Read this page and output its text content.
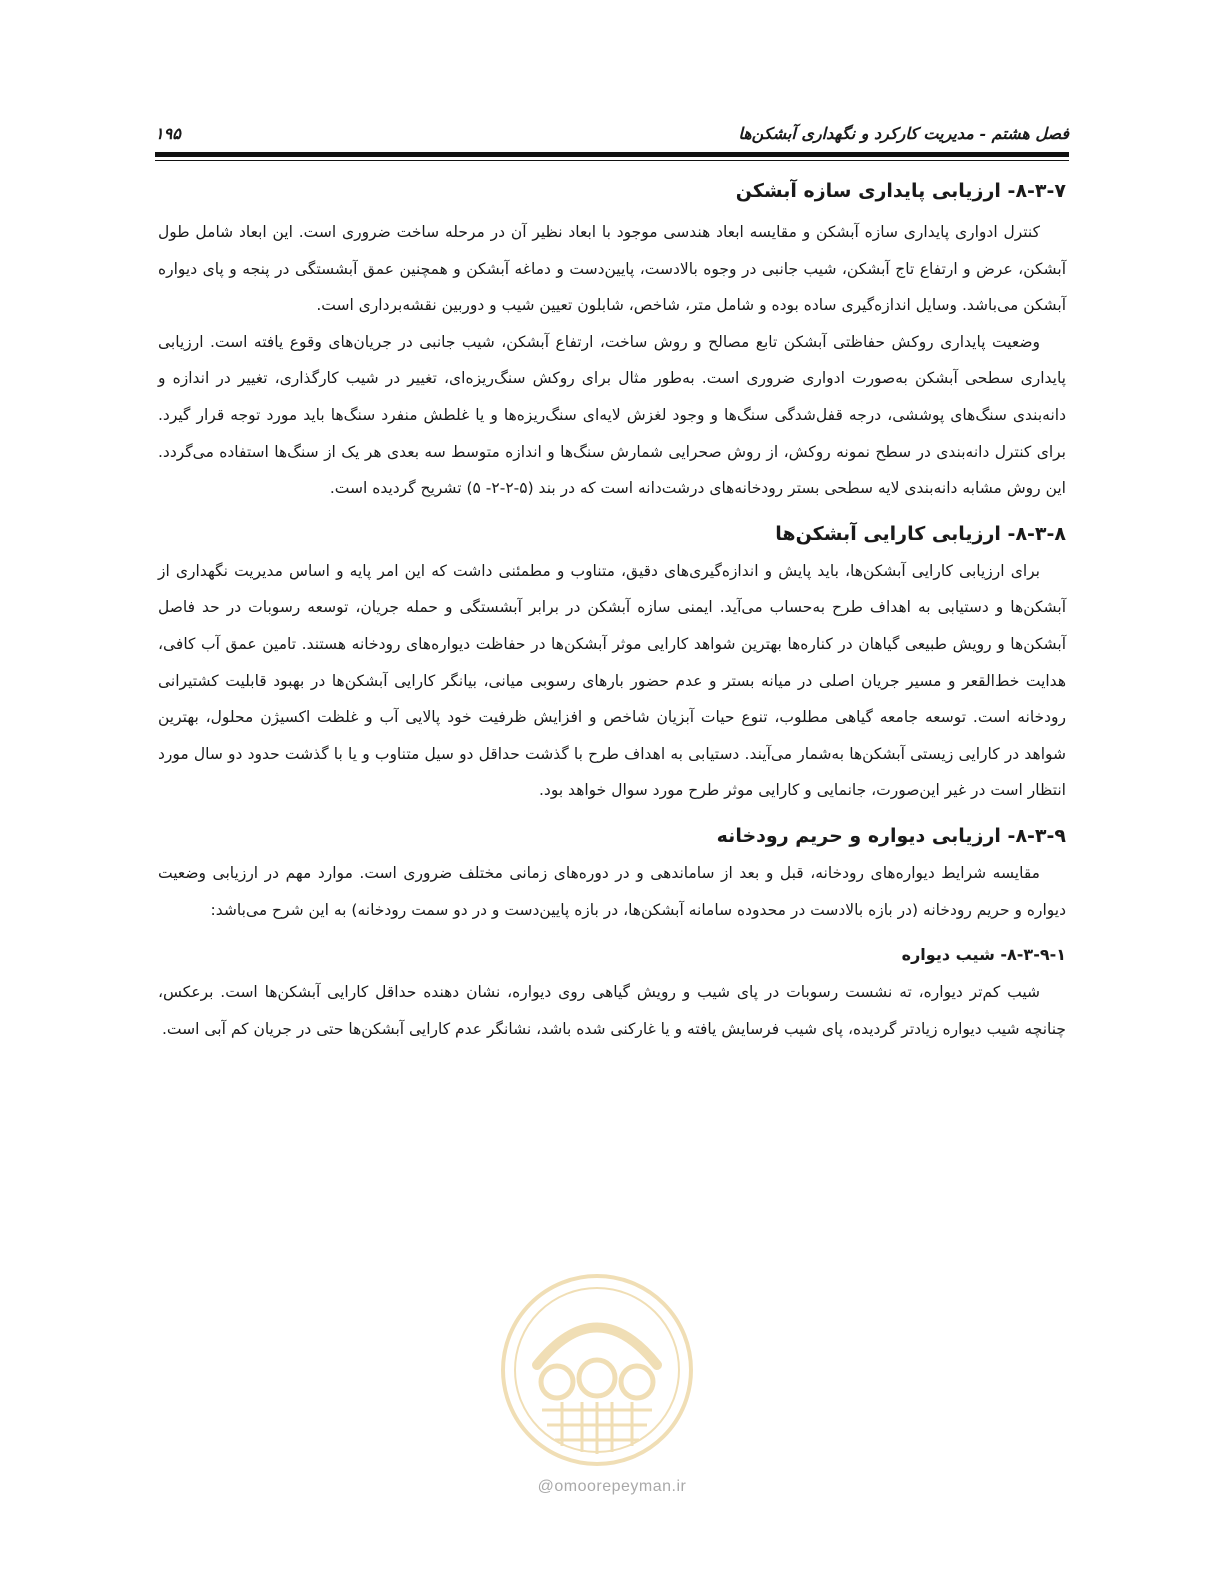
فصل هشتم - مدیریت کارکرد و نگهداری آبشکن‌ها
۱۹۵
۸-۳-۷- ارزیابی پایداری سازه آبشکن

کنترل ادواری پایداری سازه آبشکن و مقایسه ابعاد هندسی موجود با ابعاد نظیر آن در مرحله ساخت ضروری است. این ابعاد شامل طول آبشکن، عرض و ارتفاع تاج آبشکن، شیب جانبی در وجوه بالادست، پایین‌دست و دماغه آبشکن و همچنین عمق آبشستگی در پنجه و پای دیواره آبشکن می‌باشد. وسایل اندازه‌گیری ساده بوده و شامل متر، شاخص، شابلون تعیین شیب و دوربین نقشه‌برداری است.

وضعیت پایداری روکش حفاظتی آبشکن تابع مصالح و روش ساخت، ارتفاع آبشکن، شیب جانبی در جریان‌های وقوع یافته است. ارزیابی پایداری سطحی آبشکن به‌صورت ادواری ضروری است. به‌طور مثال برای روکش سنگ‌ریزه‌ای، تغییر در شیب کارگذاری، تغییر در اندازه و دانه‌بندی سنگ‌های پوششی، درجه قفل‌شدگی سنگ‌ها و وجود لغزش لایه‌ای سنگ‌ریزه‌ها و یا غلطش منفرد سنگ‌ها باید مورد توجه قرار گیرد. برای کنترل دانه‌بندی در سطح نمونه روکش، از روش صحرایی شمارش سنگ‌ها و اندازه متوسط سه بعدی هر یک از سنگ‌ها استفاده می‌گردد. این روش مشابه دانه‌بندی لایه سطحی بستر رودخانه‌های درشت‌دانه است که در بند (۵-۲-۲- ۵) تشریح گردیده است.

۸-۳-۸- ارزیابی کارایی آبشکن‌ها

برای ارزیابی کارایی آبشکن‌ها، باید پایش و اندازه‌گیری‌های دقیق، متناوب و مطمئنی داشت که این امر پایه و اساس مدیریت نگهداری از آبشکن‌ها و دستیابی به اهداف طرح به‌حساب می‌آید. ایمنی سازه آبشکن در برابر آبشستگی و حمله جریان، توسعه رسوبات در حد فاصل آبشکن‌ها و رویش طبیعی گیاهان در کناره‌ها بهترین شواهد کارایی موثر آبشکن‌ها در حفاظت دیواره‌های رودخانه هستند. تامین عمق آب کافی، هدایت خط‌القعر و مسیر جریان اصلی در میانه بستر و عدم حضور بارهای رسوبی میانی، بیانگر کارایی آبشکن‌ها در بهبود قابلیت کشتیرانی رودخانه است. توسعه جامعه گیاهی مطلوب، تنوع حیات آبزیان شاخص و افزایش ظرفیت خود پالایی آب و غلظت اکسیژن محلول، بهترین شواهد در کارایی زیستی آبشکن‌ها به‌شمار می‌آیند. دستیابی به اهداف طرح با گذشت حداقل دو سیل متناوب و یا با گذشت حدود دو سال مورد انتظار است در غیر این‌صورت، جانمایی و کارایی موثر طرح مورد سوال خواهد بود.

۸-۳-۹- ارزیابی دیواره و حریم رودخانه

مقایسه شرایط دیواره‌های رودخانه، قبل و بعد از ساماندهی و در دوره‌های زمانی مختلف ضروری است. موارد مهم در ارزیابی وضعیت دیواره و حریم رودخانه (در بازه بالادست در محدوده سامانه آبشکن‌ها، در بازه پایین‌دست و در دو سمت رودخانه) به این شرح می‌باشد:

۸-۳-۹-۱- شیب دیواره

شیب کم‌تر دیواره، ته نشست رسوبات در پای شیب و رویش گیاهی روی دیواره، نشان دهنده حداقل کارایی آبشکن‌ها است. برعکس، چنانچه شیب دیواره زیادتر گردیده، پای شیب فرسایش یافته و یا غارکنی شده باشد، نشانگر عدم کارایی آبشکن‌ها حتی در جریان کم آبی است.

@omoorepeyman.ir
